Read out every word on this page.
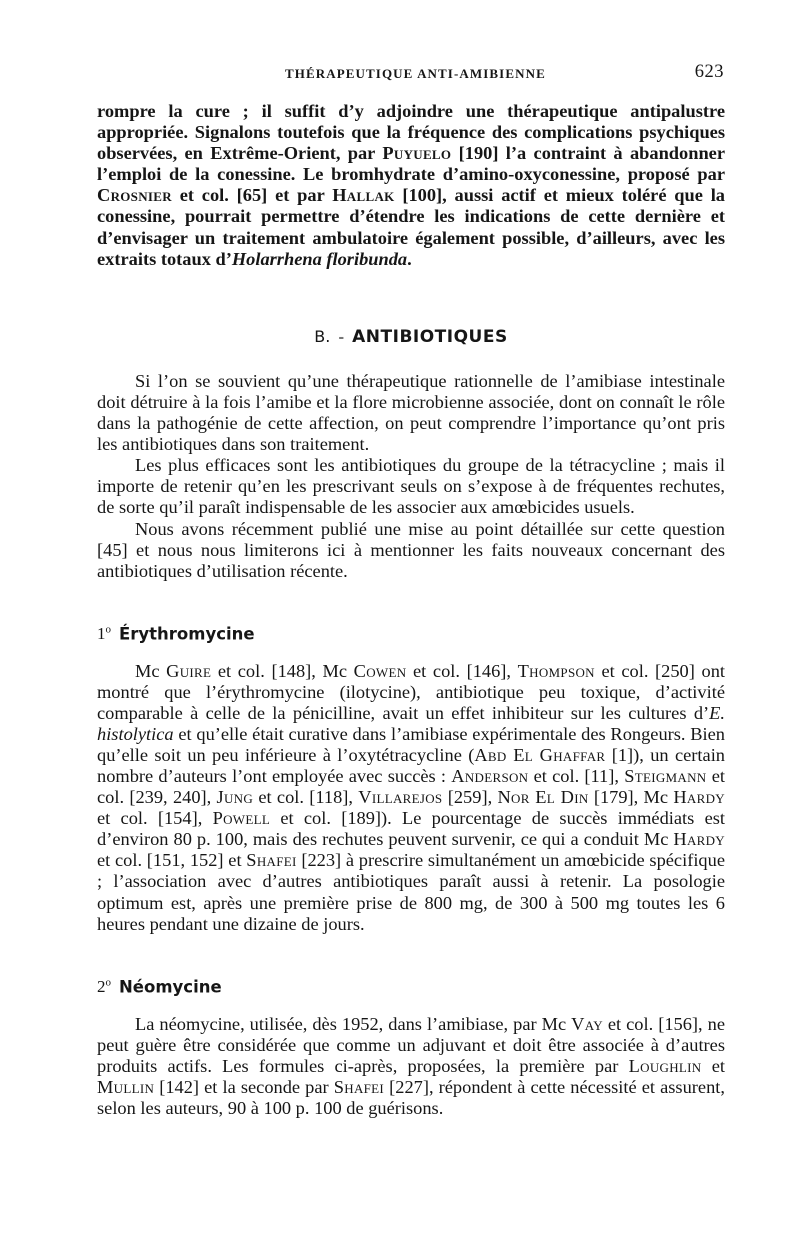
THÉRAPEUTIQUE ANTI-AMIBIENNE	623

rompre la cure ; il suffit d’y adjoindre une thérapeutique antipalustre appropriée. Signalons toutefois que la fréquence des complications psychiques observées, en Extrême-Orient, par Puyuelo [190] l’a contraint à abandonner l’emploi de la conessine. Le bromhydrate d’amino-oxyconessine, proposé par Crosnier et col. [65] et par Hallak [100], aussi actif et mieux toléré que la conessine, pourrait permettre d’étendre les indications de cette dernière et d’envisager un traitement ambulatoire également possible, d’ailleurs, avec les extraits totaux d’Holarrhena floribunda.

B. - ANTIBIOTIQUES

Si l’on se souvient qu’une thérapeutique rationnelle de l’amibiase intestinale doit détruire à la fois l’amibe et la flore microbienne associée, dont on connaît le rôle dans la pathogénie de cette affection, on peut comprendre l’importance qu’ont pris les antibiotiques dans son traitement.

Les plus efficaces sont les antibiotiques du groupe de la tétracycline ; mais il importe de retenir qu’en les prescrivant seuls on s’expose à de fréquentes rechutes, de sorte qu’il paraît indispensable de les associer aux amœbicides usuels.

Nous avons récemment publié une mise au point détaillée sur cette question [45] et nous nous limiterons ici à mentionner les faits nouveaux concernant des antibiotiques d’utilisation récente.

1$^o$ Érythromycine

Mc Guire et col. [148], Mc Cowen et col. [146], Thompson et col. [250] ont montré que l’érythromycine (ilotycine), antibiotique peu toxique, d’activité comparable à celle de la pénicilline, avait un effet inhibiteur sur les cultures d’E. histolytica et qu’elle était curative dans l’amibiase expérimentale des Rongeurs. Bien qu’elle soit un peu inférieure à l’oxytétracycline (Abd El Ghaffar [1]), un certain nombre d’auteurs l’ont employée avec succès : Anderson et col. [11], Steigmann et col. [239, 240], Jung et col. [118], Villarejos [259], Nor El Din [179], Mc Hardy et col. [154], Powell et col. [189]). Le pourcentage de succès immédiats est d’environ 80 p. 100, mais des rechutes peuvent survenir, ce qui a conduit Mc Hardy et col. [151, 152] et Shafei [223] à prescrire simultanément un amœbicide spécifique ; l’association avec d’autres antibiotiques paraît aussi à retenir. La posologie optimum est, après une première prise de 800 mg, de 300 à 500 mg toutes les 6 heures pendant une dizaine de jours.

2$^o$ Néomycine

La néomycine, utilisée, dès 1952, dans l’amibiase, par Mc Vay et col. [156], ne peut guère être considérée que comme un adjuvant et doit être associée à d’autres produits actifs. Les formules ci-après, proposées, la première par Loughlin et Mullin [142] et la seconde par Shafei [227], répondent à cette nécessité et assurent, selon les auteurs, 90 à 100 p. 100 de guérisons.
